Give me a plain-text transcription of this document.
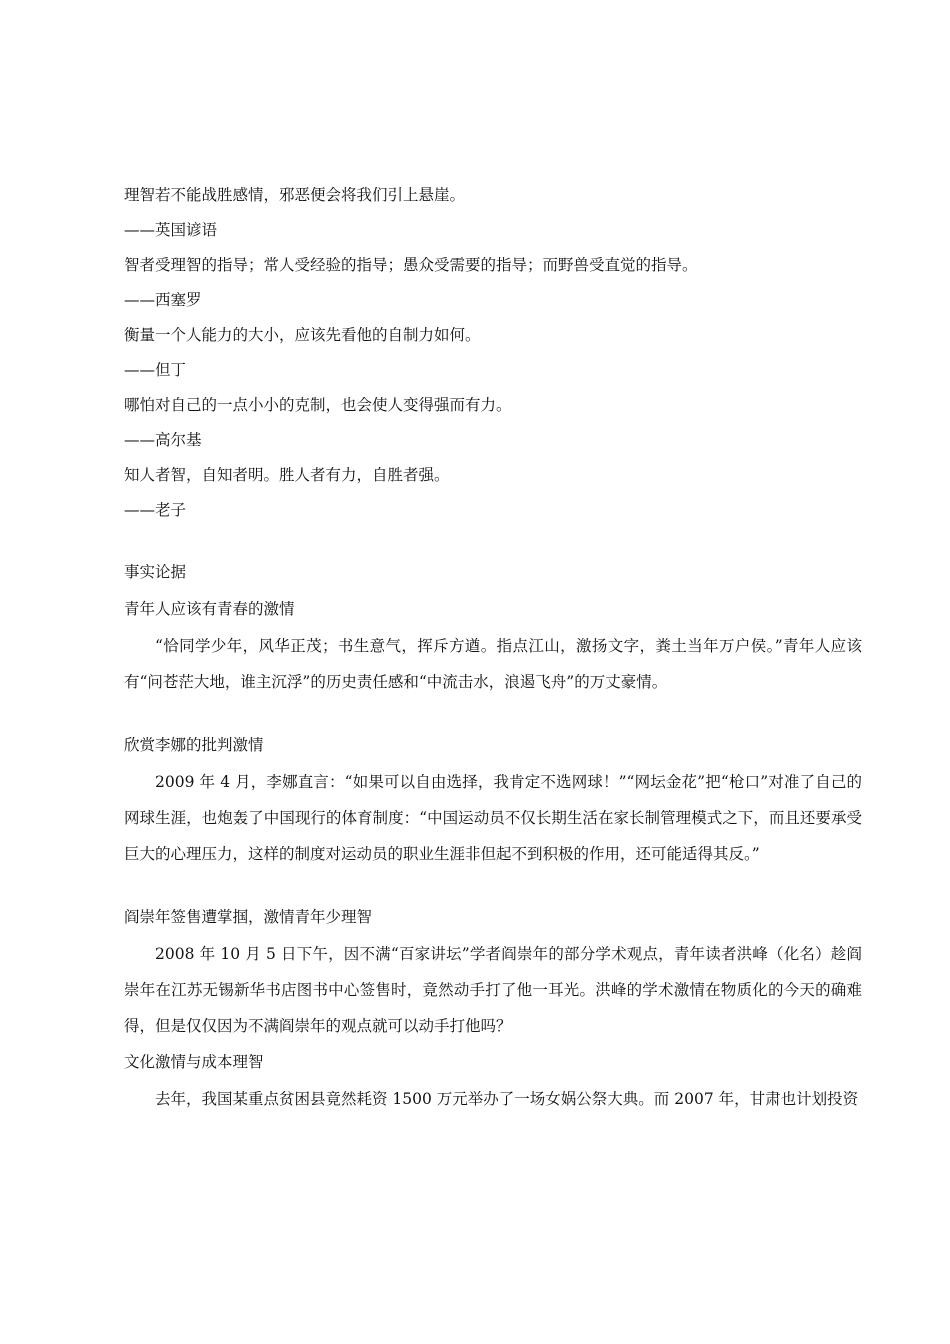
理智若不能战胜感情，邪恶便会将我们引上悬崖。
——英国谚语
智者受理智的指导；常人受经验的指导；愚众受需要的指导；而野兽受直觉的指导。
——西塞罗
衡量一个人能力的大小，应该先看他的自制力如何。
——但丁
哪怕对自己的一点小小的克制，也会使人变得强而有力。
——高尔基
知人者智，自知者明。胜人者有力，自胜者强。
——老子
事实论据
青年人应该有青春的激情
“恰同学少年，风华正茂；书生意气，挥斥方遒。指点江山，激扬文字，粪土当年万户侯。”青年人应该有“问苍茫大地，谁主沉浮”的历史责任感和“中流击水，浪遏飞舟”的万丈豪情。
欣赏李娜的批判激情
2009 年 4 月，李娜直言：“如果可以自由选择，我肯定不选网球！”“网坛金花”把“枪口”对准了自己的网球生涯，也炮轰了中国现行的体育制度：“中国运动员不仅长期生活在家长制管理模式之下，而且还要承受巨大的心理压力，这样的制度对运动员的职业生涯非但起不到积极的作用，还可能适得其反。”
阎崇年签售遭掌掴，激情青年少理智
2008 年 10 月 5 日下午，因不满“百家讲坛”学者阎崇年的部分学术观点，青年读者洪峰（化名）趁阎崇年在江苏无锡新华书店图书中心签售时，竟然动手打了他一耳光。洪峰的学术激情在物质化的今天的确难得，但是仅仅因为不满阎崇年的观点就可以动手打他吗？
文化激情与成本理智
去年，我国某重点贫困县竟然耗资 1500 万元举办了一场女娲公祭大典。而 2007 年，甘肃也计划投资
